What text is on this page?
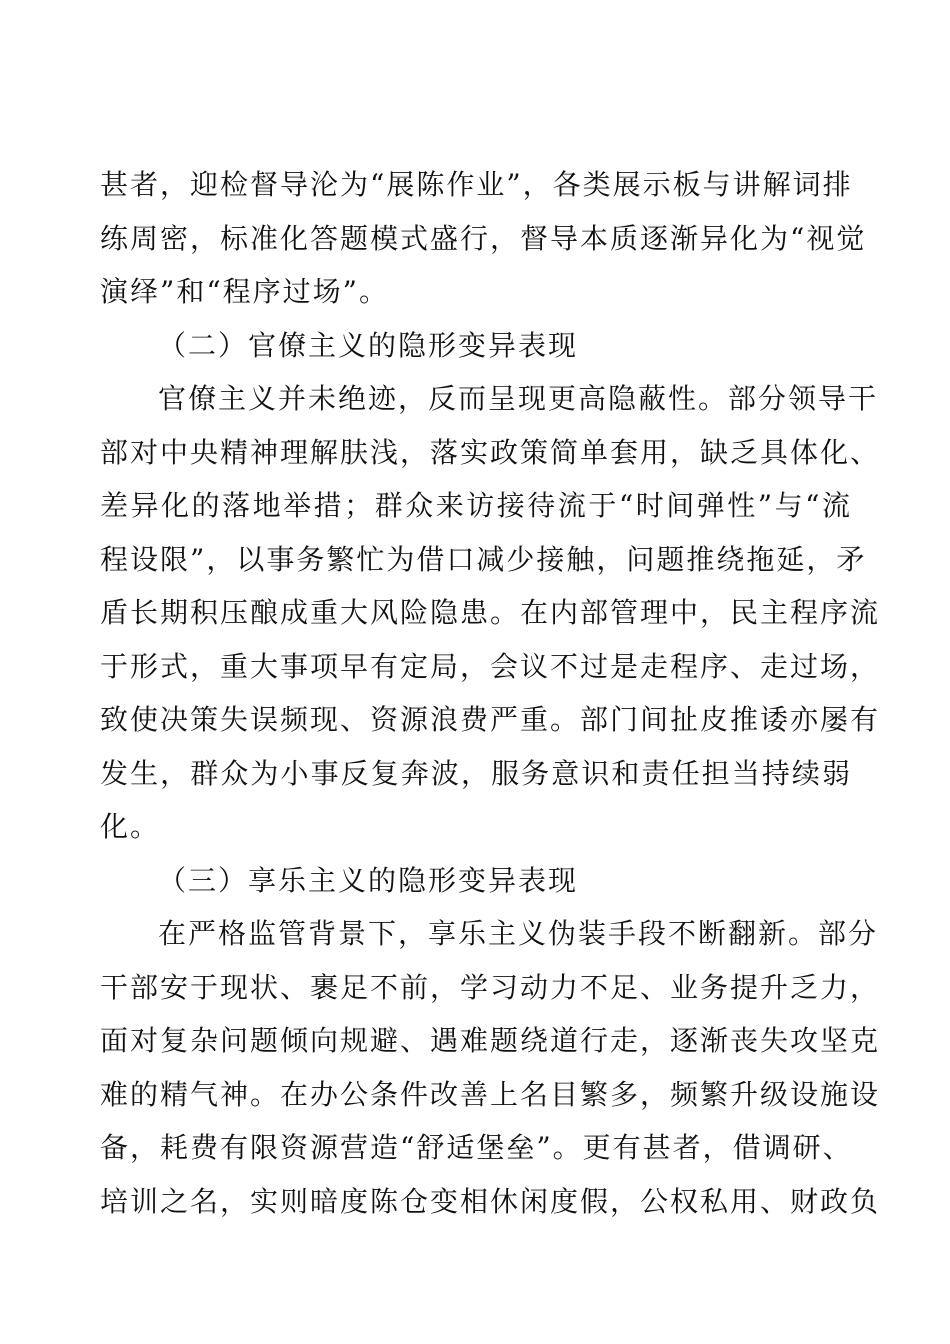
甚者，迎检督导沦为“展陈作业”，各类展示板与讲解词排
练周密，标准化答题模式盛行，督导本质逐渐异化为“视觉
演绎”和“程序过场”。
（二）官僚主义的隐形变异表现
官僚主义并未绝迹，反而呈现更高隐蔽性。部分领导干
部对中央精神理解肤浅，落实政策简单套用，缺乏具体化、
差异化的落地举措；群众来访接待流于“时间弹性”与“流
程设限”，以事务繁忙为借口减少接触，问题推绕拖延，矛
盾长期积压酿成重大风险隐患。在内部管理中，民主程序流
于形式，重大事项早有定局，会议不过是走程序、走过场，
致使决策失误频现、资源浪费严重。部门间扯皮推诿亦屡有
发生，群众为小事反复奔波，服务意识和责任担当持续弱
化。
（三）享乐主义的隐形变异表现
在严格监管背景下，享乐主义伪装手段不断翻新。部分
干部安于现状、裹足不前，学习动力不足、业务提升乏力，
面对复杂问题倾向规避、遇难题绕道行走，逐渐丧失攻坚克
难的精气神。在办公条件改善上名目繁多，频繁升级设施设
备，耗费有限资源营造“舒适堡垒”。更有甚者，借调研、
培训之名，实则暗度陈仓变相休闲度假，公权私用、财政负
